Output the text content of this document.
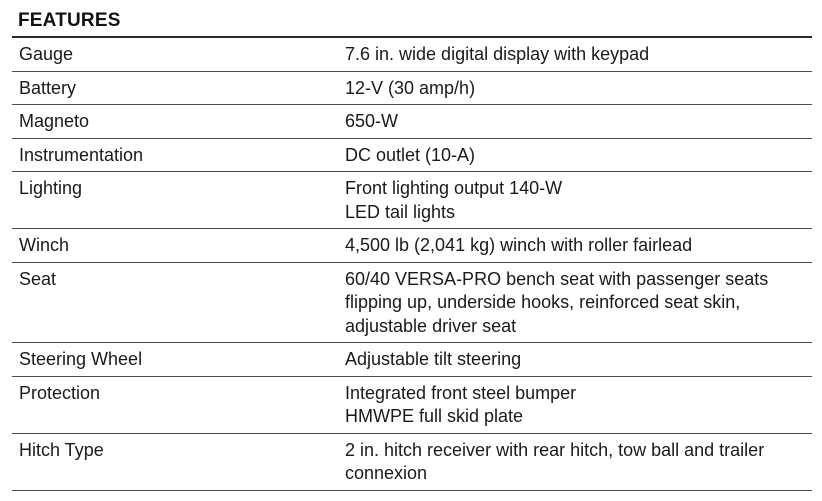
FEATURES
Gauge	7.6 in. wide digital display with keypad

Battery	12-V (30 amp/h)

Magneto	650-W

Instrumentation	DC outlet (10-A)

Lighting	Front lighting output 140-W
LED tail lights

Winch	4,500 lb (2,041 kg) winch with roller fairlead

Seat	60/40 VERSA-PRO bench seat with passenger seats
flipping up, underside hooks, reinforced seat skin,
adjustable driver seat

Steering Wheel	Adjustable tilt steering

Protection	Integrated front steel bumper
HMWPE full skid plate

Hitch Type	2 in. hitch receiver with rear hitch, tow ball and trailer
connexion
